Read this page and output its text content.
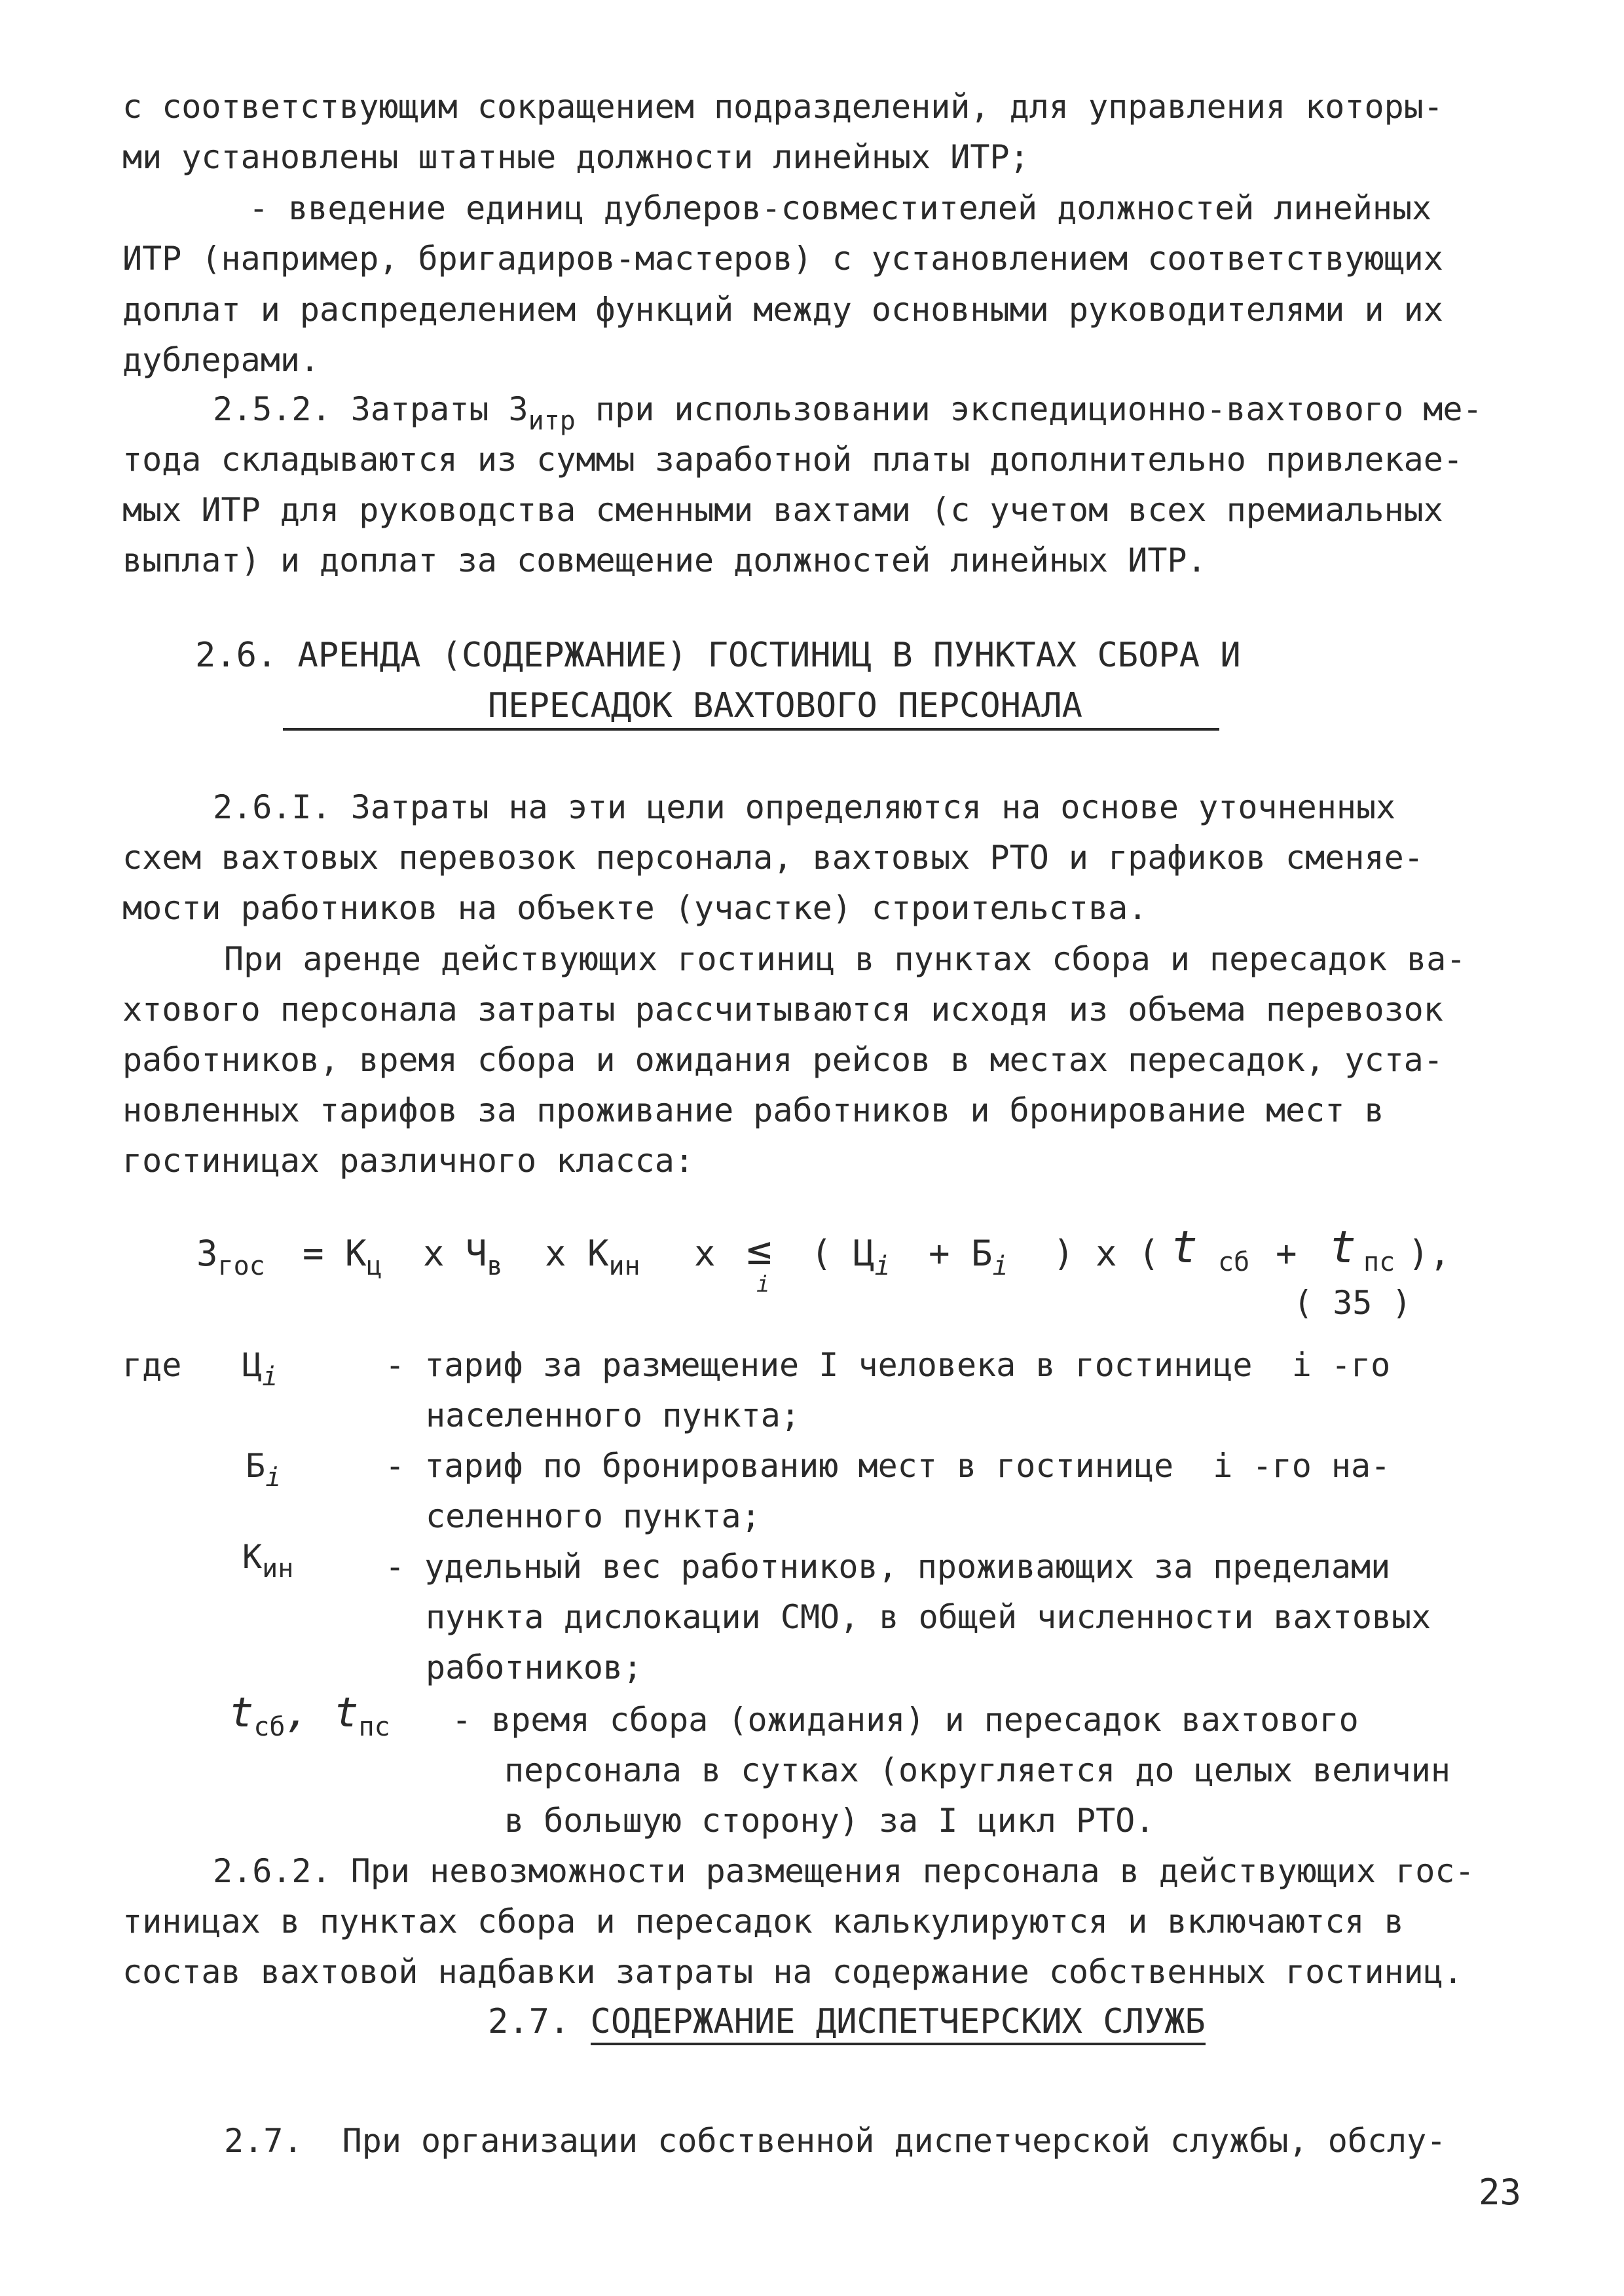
с соответствующим сокращением подразделений, для управления которы-
ми установлены штатные должности линейных ИТР;
- введение единиц дублеров-совместителей должностей линейных
ИТР (например, бригадиров-мастеров) с установлением соответствующих
доплат и распределением функций между основными руководителями и их
дублерами.
2.5.2. Затраты $З_{итр}$ при использовании экспедиционно-вахтового ме-
тода складываются из суммы заработной платы дополнительно привлекае-
мых ИТР для руководства сменными вахтами (с учетом всех премиальных
выплат) и доплат за совмещение должностей линейных ИТР.
2.6. АРЕНДА (СОДЕРЖАНИЕ) ГОСТИНИЦ В ПУНКТАХ СБОРА И
ПЕРЕСАДОК ВАХТОВОГО ПЕРСОНАЛА
2.6.I. Затраты на эти цели определяются на основе уточненных
схем вахтовых перевозок персонала, вахтовых РТО и графиков сменяе-
мости работников на объекте (участке) строительства.
При аренде действующих гостиниц в пунктах сбора и пересадок ва-
хтового персонала затраты рассчитываются исходя из объема перевозок
работников, время сбора и ожидания рейсов в местах пересадок, уста-
новленных тарифов за проживание работников и бронирование мест в
гостиницах различного класса:
$З_{гос} = К_ц$ х $Ч_в$ х $К_{ин}$ х ≤
i
( $Ц_i + Б_i$ ) х ( t сб + t пс ),
( 35 )
где $Ц_i$	- тариф за размещение I человека в гостинице  i -го
населенного пункта;
$Б_i$	- тариф по бронированию мест в гостинице  i -го на-
селенного пункта;
$К_{ин}$	- удельный вес работников, проживающих за пределами
пункта дислокации СМО, в общей численности вахтовых
работников;
$t_{сб}$, $t_{пс}$ - время сбора (ожидания) и пересадок вахтового
персонала в сутках (округляется до целых величин
в большую сторону) за I цикл РТО.
2.6.2. При невозможности размещения персонала в действующих гос-
тиницах в пунктах сбора и пересадок калькулируются и включаются в
состав вахтовой надбавки затраты на содержание собственных гостиниц.
2.7. СОДЕРЖАНИЕ ДИСПЕТЧЕРСКИХ СЛУЖБ
2.7.  При организации собственной диспетчерской службы, обслу-
23
